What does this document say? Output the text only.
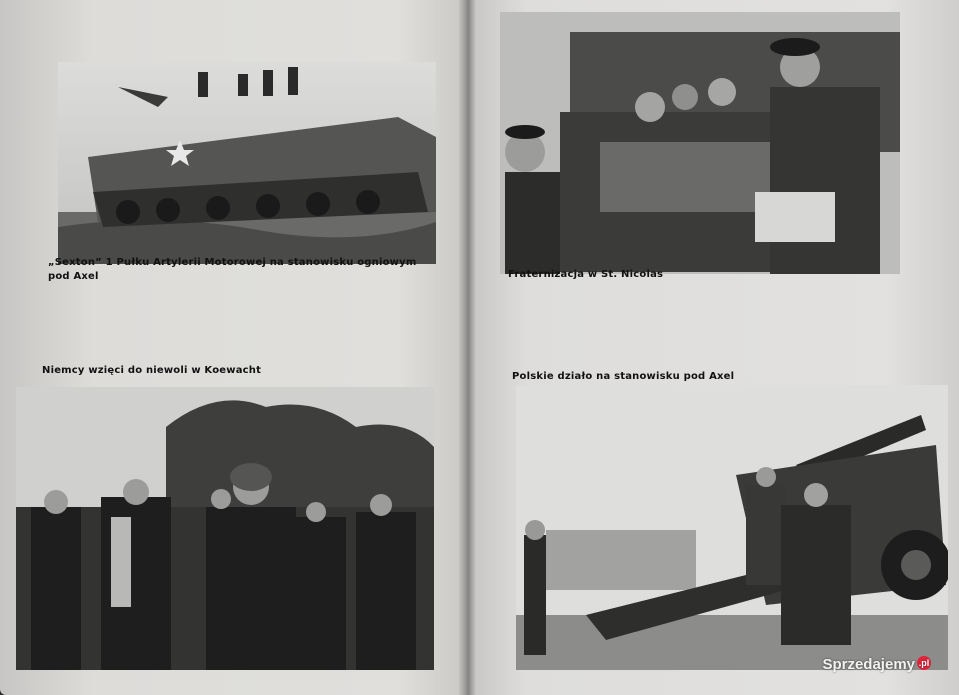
„Sexton” 1 Pułku Artylerii Motorowej na stanowisku ogniowym pod Axel	Fraternizacja w St. Nicolas
Niemcy wzięci do niewoli w Koewacht
Polskie działo na stanowisku pod Axel
Sprzedajemy .pl
